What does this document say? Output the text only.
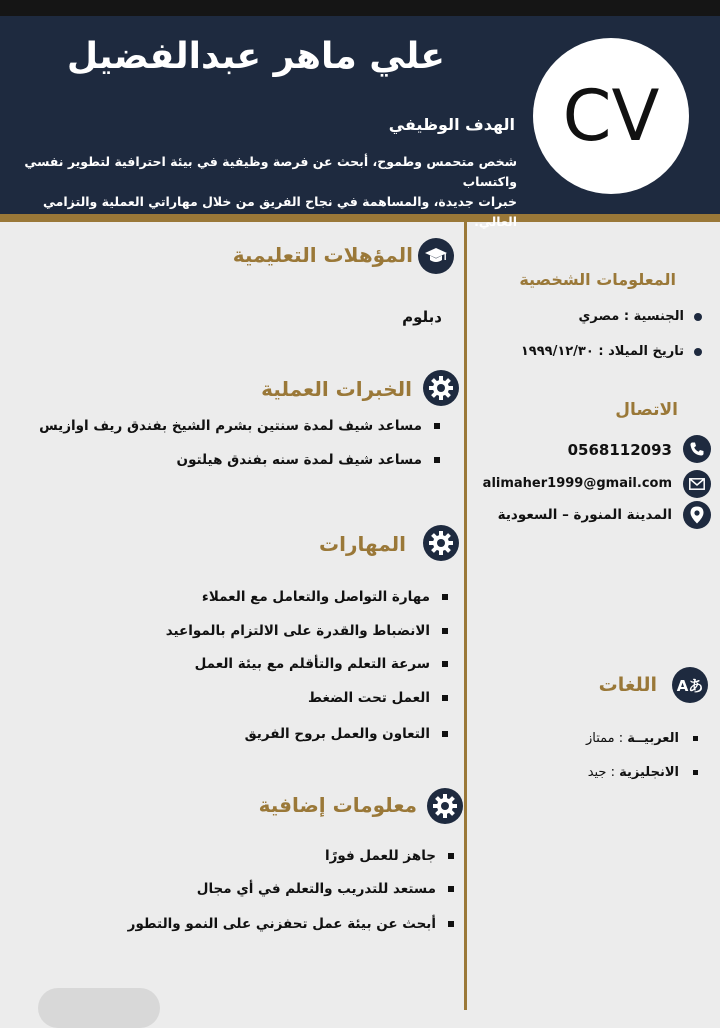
CV
علي ماهر عبدالفضيل
الهدف الوظيفي
شخص متحمس وطموح، أبحث عن فرصة وظيفية في بيئة احترافية لتطوير نفسي واكتساب
خبرات جديدة، والمساهمة في نجاح الفريق من خلال مهاراتي العملية والتزامي العالي.
المؤهلات التعليمية
دبلوم
الخبرات العملية
مساعد شيف لمدة سنتين بشرم الشيخ بفندق ريف اوازيس
مساعد شيف لمدة سنه بفندق هيلتون
المهارات
مهارة التواصل والتعامل مع العملاء
الانضباط والقدرة على الالتزام بالمواعيد
سرعة التعلم والتأقلم مع بيئة العمل
العمل تحت الضغط
التعاون والعمل بروح الفريق
معلومات إضافية
جاهز للعمل فورًا
مستعد للتدريب والتعلم في أي مجال
أبحث عن بيئة عمل تحفزني على النمو والتطور
المعلومات الشخصية
الجنسية : مصري
تاريخ الميلاد : ١٩٩٩/١٢/٣٠
الاتصال
0568112093
alimaher1999@gmail.com
المدينة المنورة – السعودية
Aあ
اللغات
العربيــة : ممتاز
الانجليزية : جيد
